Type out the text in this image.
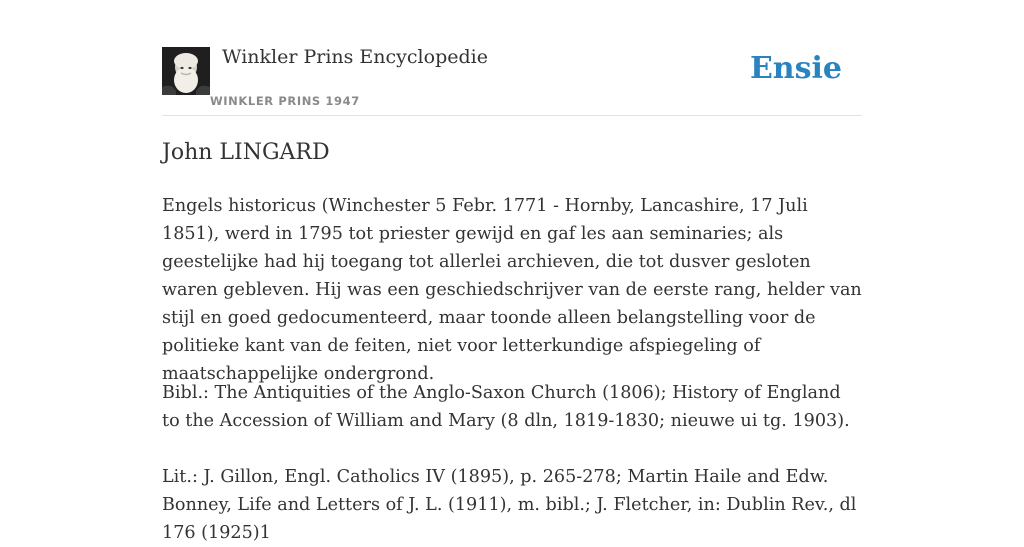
Winkler Prins Encyclopedie
WINKLER PRINS 1947
Ensie
John LINGARD

Engels historicus (Winchester 5 Febr. 1771 - Hornby, Lancashire, 17 Juli 1851), werd in 1795 tot priester gewijd en gaf les aan seminaries; als geestelijke had hij toegang tot allerlei archieven, die tot dusver gesloten waren gebleven. Hij was een geschiedschrijver van de eerste rang, helder van stijl en goed gedocumenteerd, maar toonde alleen belangstelling voor de politieke kant van de feiten, niet voor letterkundige afspiegeling of maatschappelijke ondergrond.

Bibl.: The Antiquities of the Anglo-Saxon Church (1806); History of England to the Accession of William and Mary (8 dln, 1819-1830; nieuwe ui tg. 1903).

Lit.: J. Gillon, Engl. Catholics IV (1895), p. 265-278; Martin Haile and Edw. Bonney, Life and Letters of J. L. (1911), m. bibl.; J. Fletcher, in: Dublin Rev., dl 176 (1925)1
